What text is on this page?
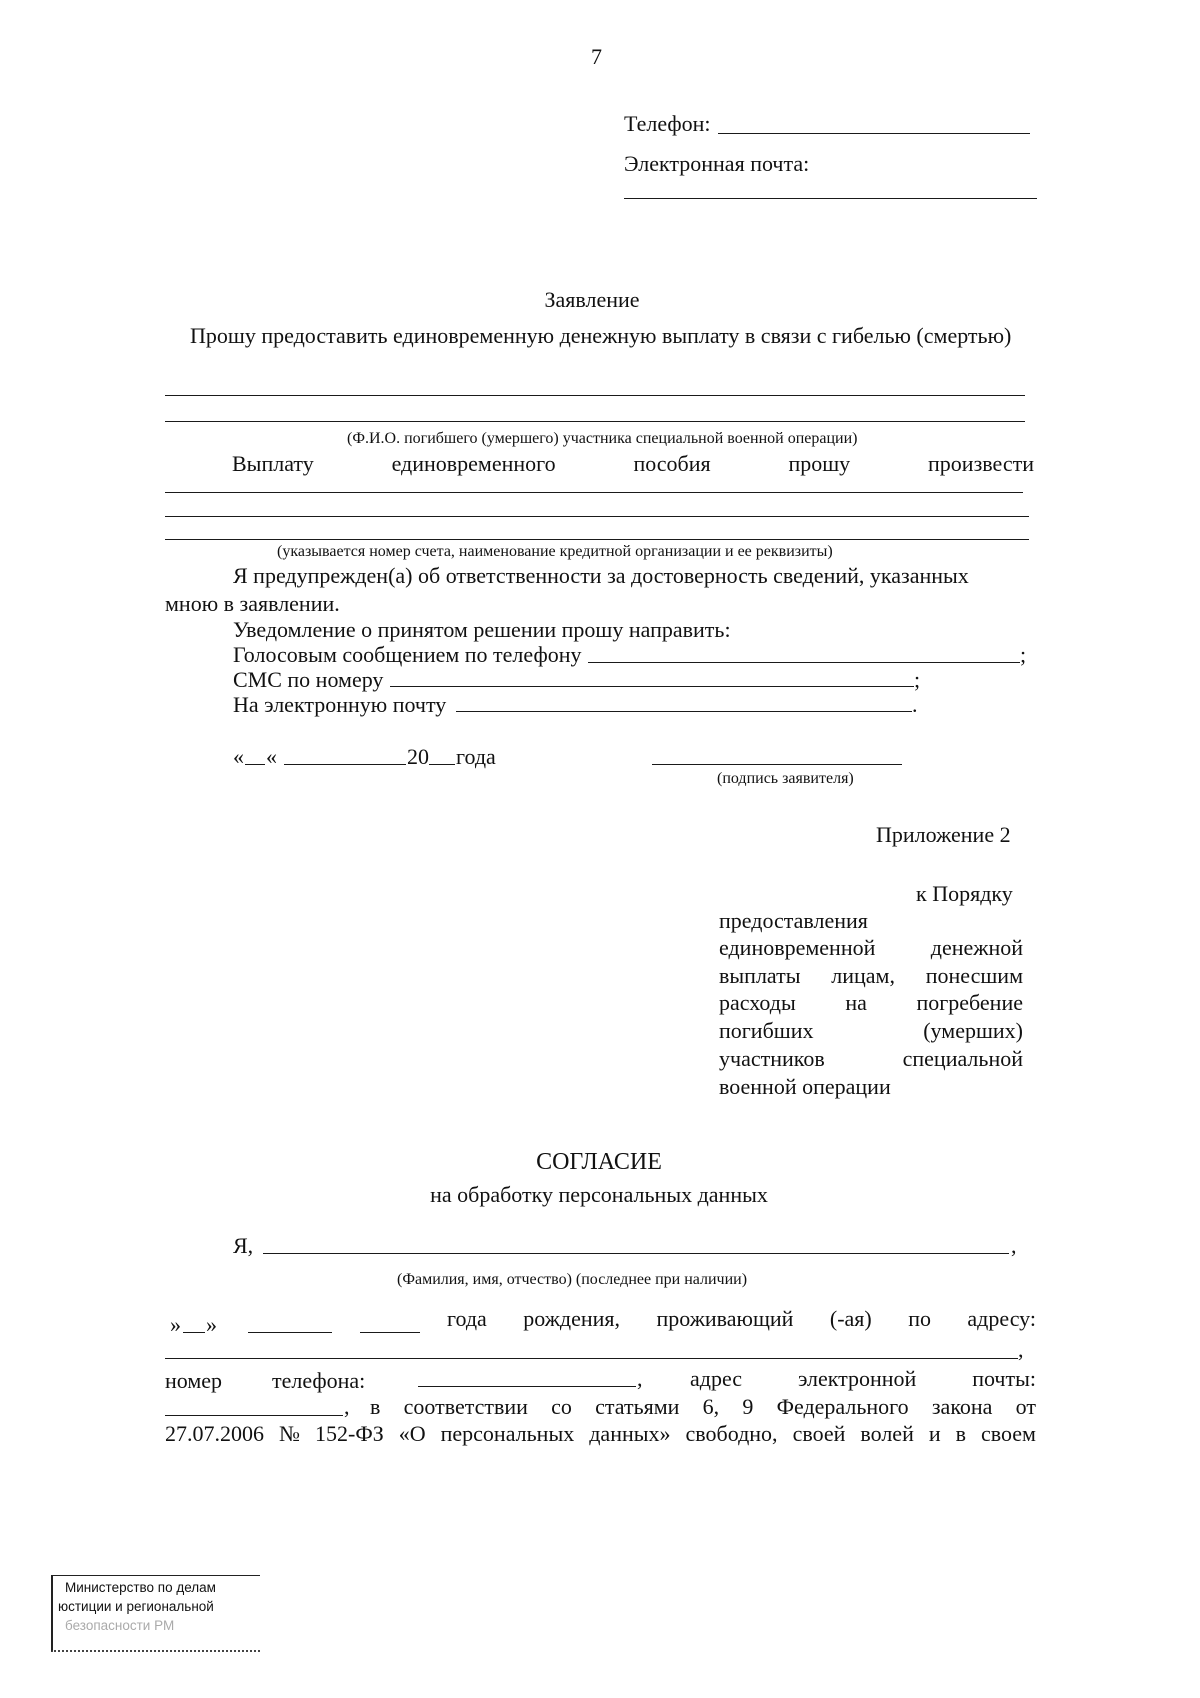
7
Телефон:
Электронная почта:
Заявление
Прошу предоставить единовременную денежную выплату в связи с гибелью (смертью)
(Ф.И.О. погибшего (умершего) участника специальной военной операции)
Выплату	единовременного	пособия	прошу	произвести
(указывается номер счета, наименование кредитной организации и ее реквизиты)
Я предупрежден(а) об ответственности за достоверность сведений, указанных
мною в заявлении.
Уведомление о принятом решении прошу направить:
Голосовым сообщением по телефону	;
СМС по номеру	;
На электронную почту	.
« «	20 года
(подпись заявителя)
Приложение 2
к Порядку
предоставления
единовременной	денежной
выплаты лицам, понесшим
расходы на погребение
погибших	(умерших)
участников	специальной
военной операции
СОГЛАСИЕ
на обработку персональных данных
Я,	,
(Фамилия, имя, отчество) (последнее при наличии)
» »	года рождения, проживающий (-ая) по адресу:
,
номер телефона:	, адрес	электронной	почты:
, в соответствии со статьями 6, 9 Федерального закона от
27.07.2006 № 152-ФЗ «О персональных данных» свободно, своей волей и в своем
Министерство по делам
юстиции и региональной
безопасности РМ
